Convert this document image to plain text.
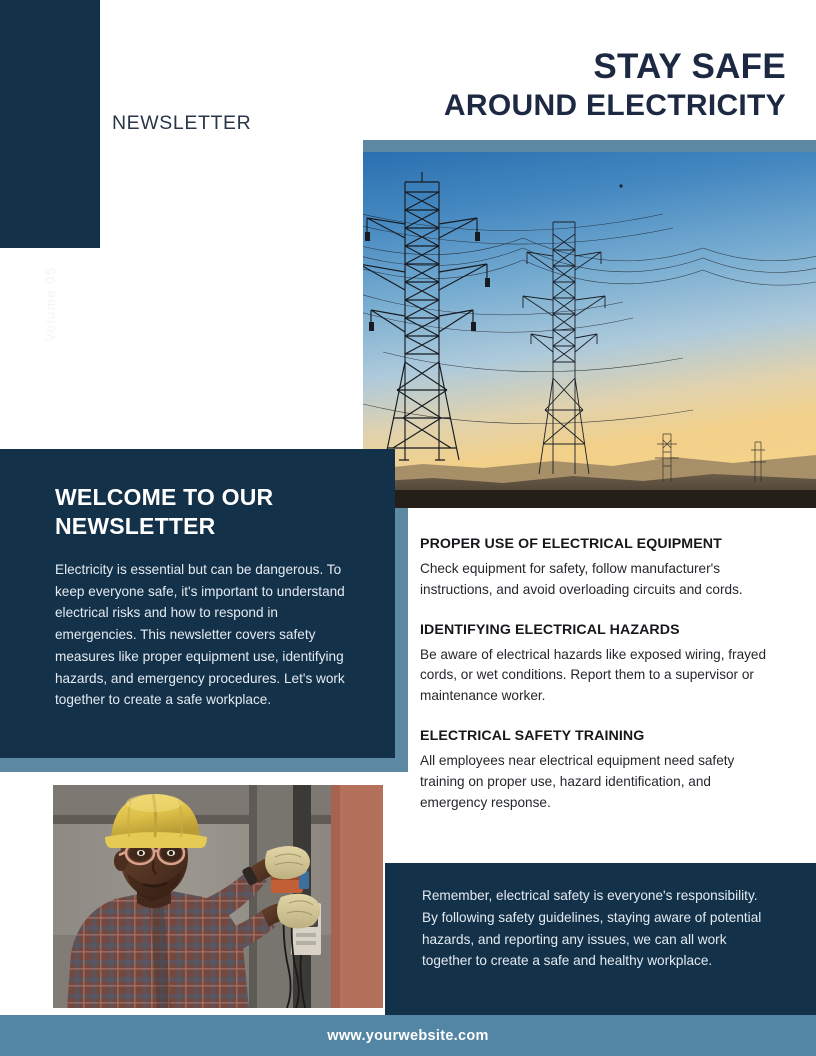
Volume 05
NEWSLETTER
STAY SAFE
AROUND ELECTRICITY
WELCOME TO OUR NEWSLETTER

Electricity is essential but can be dangerous. To keep everyone safe, it's important to understand electrical risks and how to respond in emergencies. This newsletter covers safety measures like proper equipment use, identifying hazards, and emergency procedures. Let's work together to create a safe workplace.

PROPER USE OF ELECTRICAL EQUIPMENT

Check equipment for safety, follow manufacturer's instructions, and avoid overloading circuits and cords.

IDENTIFYING ELECTRICAL HAZARDS

Be aware of electrical hazards like exposed wiring, frayed cords, or wet conditions. Report them to a supervisor or maintenance worker.

ELECTRICAL SAFETY TRAINING

All employees near electrical equipment need safety training on proper use, hazard identification, and emergency response.

Remember, electrical safety is everyone's responsibility. By following safety guidelines, staying aware of potential hazards, and reporting any issues, we can all work together to create a safe and healthy workplace.

www.yourwebsite.com
